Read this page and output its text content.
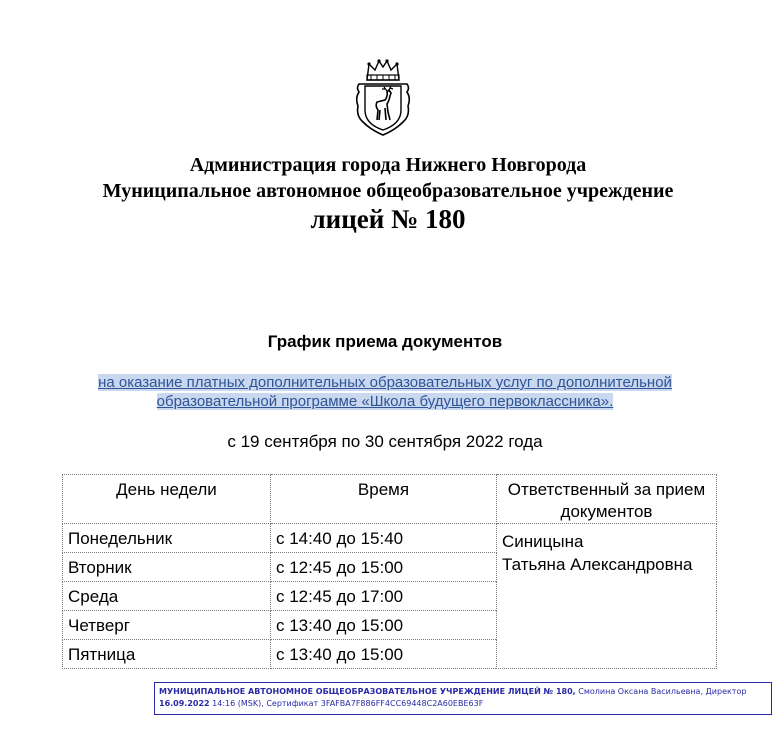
Администрация города Нижнего Новгорода
Муниципальное автономное общеобразовательное учреждение
лицей № 180
График приема документов
на оказание платных дополнительных образовательных услуг по дополнительной
образовательной программе «Школа будущего первоклассника».
с 19 сентября по 30 сентября 2022 года
День недели	Время	Ответственный за прием документов
Понедельник	с 14:40 до 15:40	Синицына
Татьяна Александровна

Вторник	с 12:45 до 15:00	
Среда	с 12:45 до 17:00	
Четверг	с 13:40 до 15:00	
Пятница	с 13:40 до 15:00	
МУНИЦИПАЛЬНОЕ АВТОНОМНОЕ ОБЩЕОБРАЗОВАТЕЛЬНОЕ УЧРЕЖДЕНИЕ ЛИЦЕЙ № 180, Смолина Оксана Васильевна, Директор
16.09.2022 14:16 (MSK), Сертификат 3FAFBA7F886FF4CC69448C2A60EBE63F
